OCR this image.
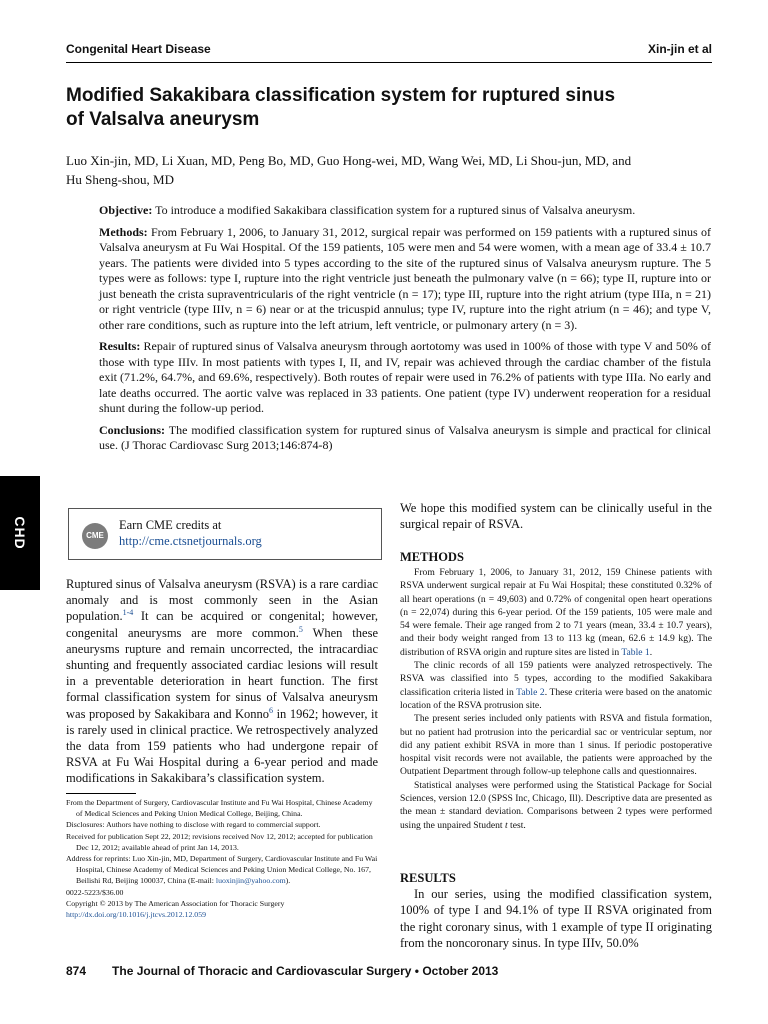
Congenital Heart Disease	Xin-jin et al
Modified Sakakibara classification system for ruptured sinus
of Valsalva aneurysm

Luo Xin-jin, MD, Li Xuan, MD, Peng Bo, MD, Guo Hong-wei, MD, Wang Wei, MD, Li Shou-jun, MD, and
Hu Sheng-shou, MD

Objective: To introduce a modified Sakakibara classification system for a ruptured sinus of Valsalva aneurysm.

Methods: From February 1, 2006, to January 31, 2012, surgical repair was performed on 159 patients with a ruptured sinus of Valsalva aneurysm at Fu Wai Hospital. Of the 159 patients, 105 were men and 54 were women, with a mean age of 33.4 ± 10.7 years. The patients were divided into 5 types according to the site of the ruptured sinus of Valsalva aneurysm rupture. The 5 types were as follows: type I, rupture into the right ventricle just beneath the pulmonary valve (n = 66); type II, rupture into or just beneath the crista supraventricularis of the right ventricle (n = 17); type III, rupture into the right atrium (type IIIa, n = 21) or right ventricle (type IIIv, n = 6) near or at the tricuspid annulus; type IV, rupture into the right atrium (n = 46); and type V, other rare conditions, such as rupture into the left atrium, left ventricle, or pulmonary artery (n = 3).

Results: Repair of ruptured sinus of Valsalva aneurysm through aortotomy was used in 100% of those with type V and 50% of those with type IIIv. In most patients with types I, II, and IV, repair was achieved through the cardiac chamber of the fistula exit (71.2%, 64.7%, and 69.6%, respectively). Both routes of repair were used in 76.2% of patients with type IIIa. No early and late deaths occurred. The aortic valve was replaced in 33 patients. One patient (type IV) underwent reoperation for a residual shunt during the follow-up period.

Conclusions: The modified classification system for ruptured sinus of Valsalva aneurysm is simple and practical for clinical use. (J Thorac Cardiovasc Surg 2013;146:874-8)

CHD	CME
Earn CME credits at
http://cme.ctsnetjournals.org

Ruptured sinus of Valsalva aneurysm (RSVA) is a rare cardiac anomaly and is most commonly seen in the Asian population.$^{1-4}$ It can be acquired or congenital; however, congenital aneurysms are more common.$^5$ When these aneurysms rupture and remain uncorrected, the intracardiac shunting and frequently associated cardiac lesions will result in a preventable deterioration in heart function. The first formal classification system for sinus of Valsalva aneurysm was proposed by Sakakibara and Konno$^6$ in 1962; however, it is rarely used in clinical practice. We retrospectively analyzed the data from 159 patients who had undergone repair of RSVA at Fu Wai Hospital during a 6-year period and made modifications in Sakakibara’s classification system.

From the Department of Surgery, Cardiovascular Institute and Fu Wai Hospital, Chinese Academy of Medical Sciences and Peking Union Medical College, Beijing, China.

Disclosures: Authors have nothing to disclose with regard to commercial support.

Received for publication Sept 22, 2012; revisions received Nov 12, 2012; accepted for publication Dec 12, 2012; available ahead of print Jan 14, 2013.

Address for reprints: Luo Xin-jin, MD, Department of Surgery, Cardiovascular Institute and Fu Wai Hospital, Chinese Academy of Medical Sciences and Peking Union Medical College, No. 167, Beilishi Rd, Beijing 100037, China (E-mail: luoxinjin@yahoo.com).

0022-5223/$36.00

Copyright © 2013 by The American Association for Thoracic Surgery

http://dx.doi.org/10.1016/j.jtcvs.2012.12.059

We hope this modified system can be clinically useful in the surgical repair of RSVA.

METHODS

From February 1, 2006, to January 31, 2012, 159 Chinese patients with RSVA underwent surgical repair at Fu Wai Hospital; these constituted 0.32% of all heart operations (n = 49,603) and 0.72% of congenital open heart operations (n = 22,074) during this 6-year period. Of the 159 patients, 105 were male and 54 were female. Their age ranged from 2 to 71 years (mean, 33.4 ± 10.7 years), and their body weight ranged from 13 to 113 kg (mean, 62.6 ± 14.9 kg). The distribution of RSVA origin and rupture sites are listed in Table 1.

The clinic records of all 159 patients were analyzed retrospectively. The RSVA was classified into 5 types, according to the modified Sakakibara classification criteria listed in Table 2. These criteria were based on the anatomic location of the RSVA protrusion site.

The present series included only patients with RSVA and fistula formation, but no patient had protrusion into the pericardial sac or ventricular septum, nor did any patient exhibit RSVA in more than 1 sinus. If periodic postoperative hospital visit records were not available, the patients were approached by the Outpatient Department through follow-up telephone calls and questionnaires.

Statistical analyses were performed using the Statistical Package for Social Sciences, version 12.0 (SPSS Inc, Chicago, Ill). Descriptive data are presented as the mean ± standard deviation. Comparisons between 2 types were performed using the unpaired Student t test.

RESULTS

In our series, using the modified classification system, 100% of type I and 94.1% of type II RSVA originated from the right coronary sinus, with 1 example of type II originating from the noncoronary sinus. In type IIIv, 50.0%

874 The Journal of Thoracic and Cardiovascular Surgery • October 2013
